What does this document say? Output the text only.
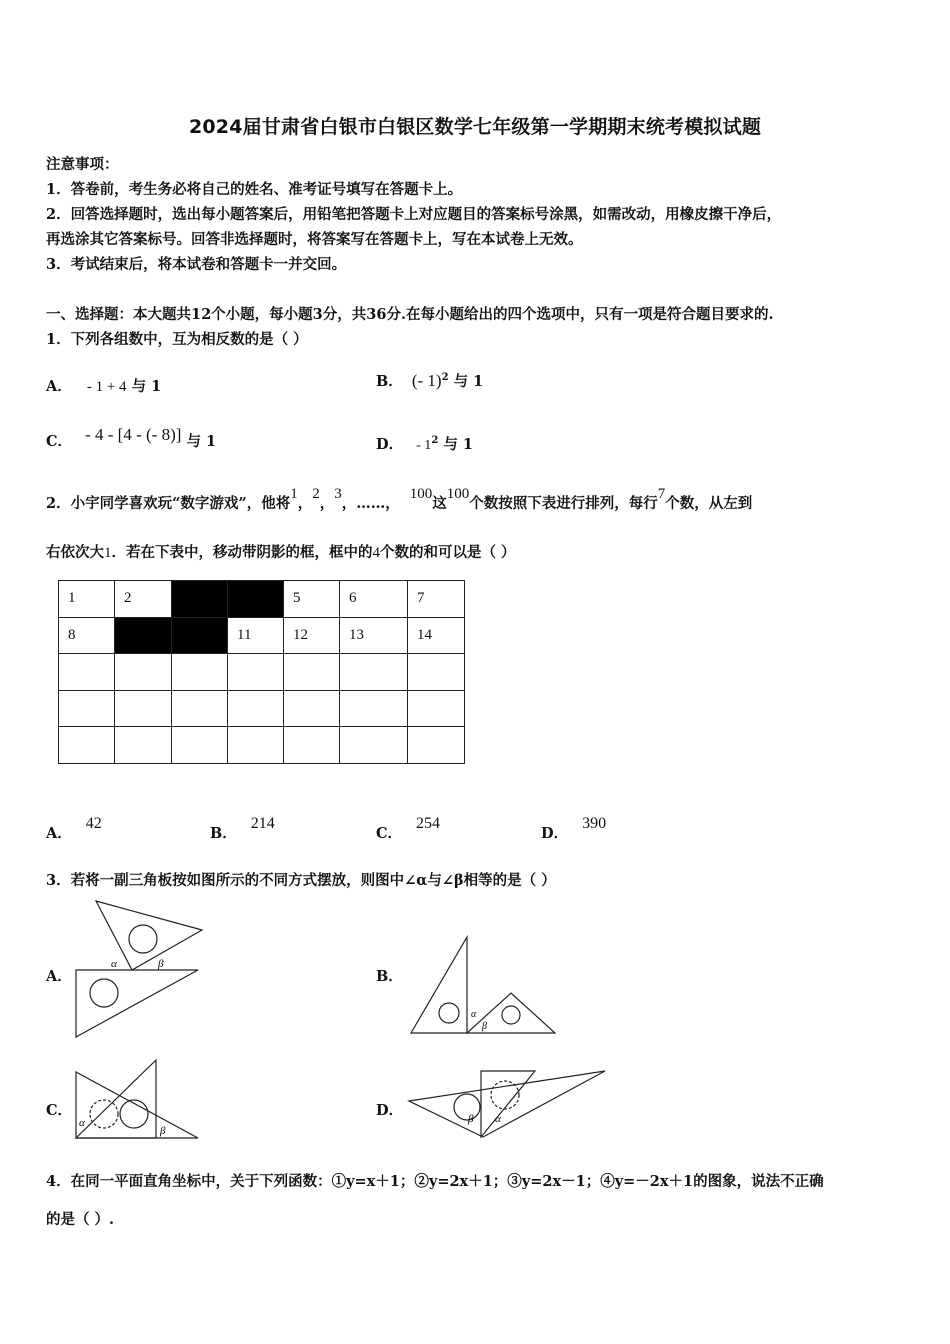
2024届甘肃省白银市白银区数学七年级第一学期期末统考模拟试题
注意事项：
1．答卷前，考生务必将自己的姓名、准考证号填写在答题卡上。
2．回答选择题时，选出每小题答案后，用铅笔把答题卡上对应题目的答案标号涂黑，如需改动，用橡皮擦干净后，
再选涂其它答案标号。回答非选择题时，将答案写在答题卡上，写在本试卷上无效。
3．考试结束后，将本试卷和答题卡一并交回。
一、选择题：本大题共12个小题，每小题3分，共36分.在每小题给出的四个选项中，只有一项是符合题目要求的.
1．下列各组数中，互为相反数的是（ ）
A． - 1 + 4 与 1	B． (- 1)$^2$ 与 1
C． - 4 - [4 - (- 8)] 与 1	D． - $1^2$ 与 1
2．小宇同学喜欢玩“数字游戏”，他将1，2，3，……，100这100个数按照下表进行排列，每行7个数，从左到
右依次大1．若在下表中，移动带阴影的框，框中的4个数的和可以是（ ）
1	2			5	6	7
8			11	12	13	14

A．42
B．214
C．254
D．390
3．若将一副三角板按如图所示的不同方式摆放，则图中∠α与∠β相等的是（ ）
A．	B．
C．	D．
α	β
α
β
α
β
β α
4．在同一平面直角坐标中，关于下列函数：①y=x＋1；②y=2x＋1；③y=2x－1；④y=－2x＋1的图象，说法不正确
的是（ ）.
